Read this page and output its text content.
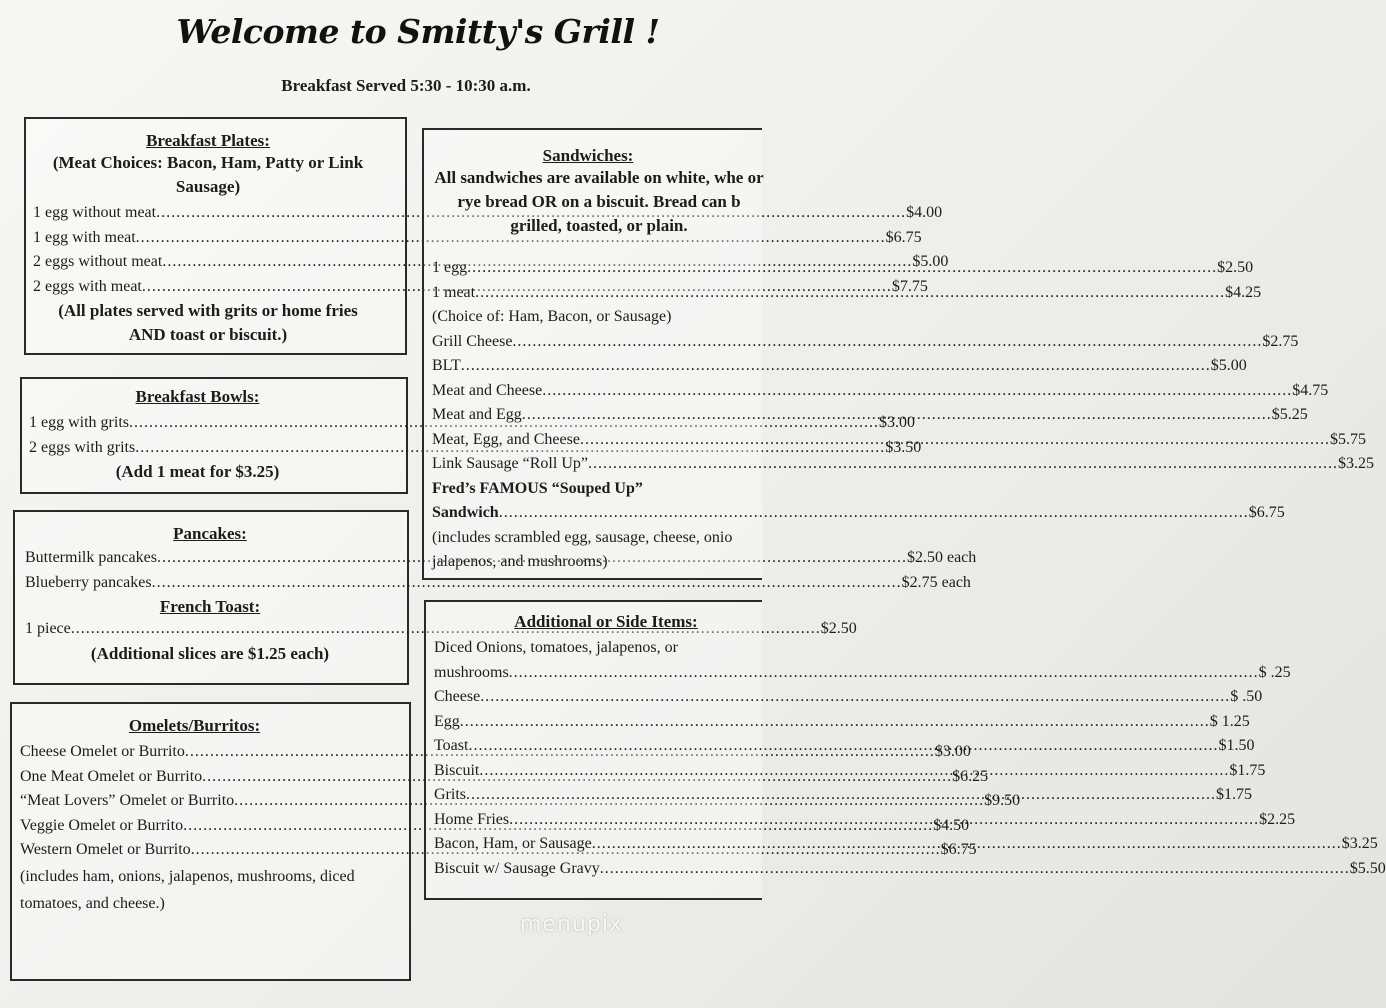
Welcome to Smitty's Grill !
Breakfast Served 5:30 - 10:30 a.m.
Breakfast Plates:
(Meat Choices: Bacon, Ham, Patty or Link Sausage)
1 egg without meat .....	$4.00
1 egg with meat .....	$6.75
2 eggs without meat .....	$5.00
2 eggs with meat .....	$7.75
(All plates served with grits or home fries AND toast or biscuit.)
Breakfast Bowls:
1 egg with grits .....	$3.00
2 eggs with grits .....	$3.50
(Add 1 meat for $3.25)
Pancakes:
Buttermilk pancakes .....	$2.50 each
Blueberry pancakes .....	$2.75 each
French Toast:
1 piece .....	$2.50
(Additional slices are $1.25 each)
Omelets/Burritos:
Cheese Omelet or Burrito .....	$3.00
One Meat Omelet or Burrito .....	$6.25
“Meat Lovers” Omelet or Burrito .....	$9.50
Veggie Omelet or Burrito .....	$4.50
Western Omelet or Burrito .....	$6.75
(includes ham, onions, jalapenos, mushrooms, diced tomatoes, and cheese.)
Sandwiches:
All sandwiches are available on white, whe or rye bread OR on a biscuit. Bread can b grilled, toasted, or plain.
1 egg .....	$2.50
1 meat .....	$4.25
(Choice of: Ham, Bacon, or Sausage)
Grill Cheese .....	$2.75
BLT .....	$5.00
Meat and Cheese .....	$4.75
Meat and Egg .....	$5.25
Meat, Egg, and Cheese .....	$5.75
Link Sausage “Roll Up” .....	$3.25
Fred’s FAMOUS “Souped Up”
Sandwich .....	$6.75
(includes scrambled egg, sausage, cheese, onio jalapenos, and mushrooms)
Additional or Side Items:
Diced Onions, tomatoes, jalapenos, or
mushrooms .....	$ .25
Cheese .....	$ .50
Egg .....	$ 1.25
Toast .....	$1.50
Biscuit .....	$1.75
Grits .....	$1.75
Home Fries .....	$2.25
Bacon, Ham, or Sausage .....	$3.25
Biscuit w/ Sausage Gravy .....	$5.50
menupix
